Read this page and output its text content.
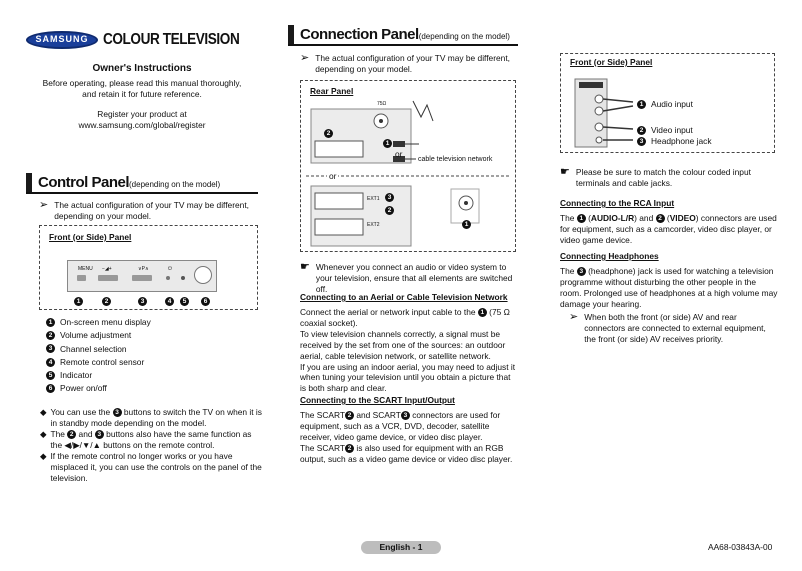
SAMSUNG COLOUR TELEVISION
Owner's Instructions
Before operating, please read this manual thoroughly,
and retain it for future reference.
Register your product at
www.samsung.com/global/register
Control Panel(depending on the model)
➢ The actual configuration of your TV may be different, depending on your model.
Front (or Side) Panel
MENU −◢+	∨P∧	⏻
1	2	3	4	5	6
1 On-screen menu display
2 Volume adjustment
3 Channel selection
4 Remote control sensor
5 Indicator
6 Power on/off
◆ You can use the 3 buttons to switch the TV on when it is in standby mode depending on the model.
◆ The 2 and 3 buttons also have the same function as the ◀/▶/▼/▲ buttons on the remote control.
◆ If the remote control no longer works or you have misplaced it, you can use the controls on the panel of the television.
Connection Panel(depending on the model)
➢ The actual configuration of your TV may be different, depending on your model.
Rear Panel
2
1
or
cable television network
or
75Ω
EXT1
EXT2
3
2
1
☛ Whenever you connect an audio or video system to your television, ensure that all elements are switched off.
Connecting to an Aerial or Cable Television Network

Connect the aerial or network input cable to the 1 (75 Ω coaxial socket).

To view television channels correctly, a signal must be received by the set from one of the sources: an outdoor aerial, cable television network, or satellite network.

If you are using an indoor aerial, you may need to adjust it when tuning your television until you obtain a picture that is both sharp and clear.

Connecting to the SCART Input/Output

The SCART 2 and SCART 3 connectors are used for equipment, such as a VCR, DVD, decoder, satellite receiver, video game device, or video disc player.

The SCART 2 is also used for equipment with an RGB output, such as a video game device or video disc player.

Front (or Side) Panel
1 Audio input
2 Video input
3 Headphone jack
☛ Please be sure to match the colour coded input terminals and cable jacks.
Connecting to the RCA Input

The 1 (AUDIO-L/R) and 2 (VIDEO) connectors are used for equipment, such as a camcorder, video disc player, or video game device.

Connecting Headphones

The 3 (headphone) jack is used for watching a television programme without disturbing the other people in the room. Prolonged use of headphones at a high volume may damage your hearing.

➢ When both the front (or side) AV and rear connectors are connected to external equipment, the front (or side) AV receives priority.
English - 1	AA68-03843A-00
